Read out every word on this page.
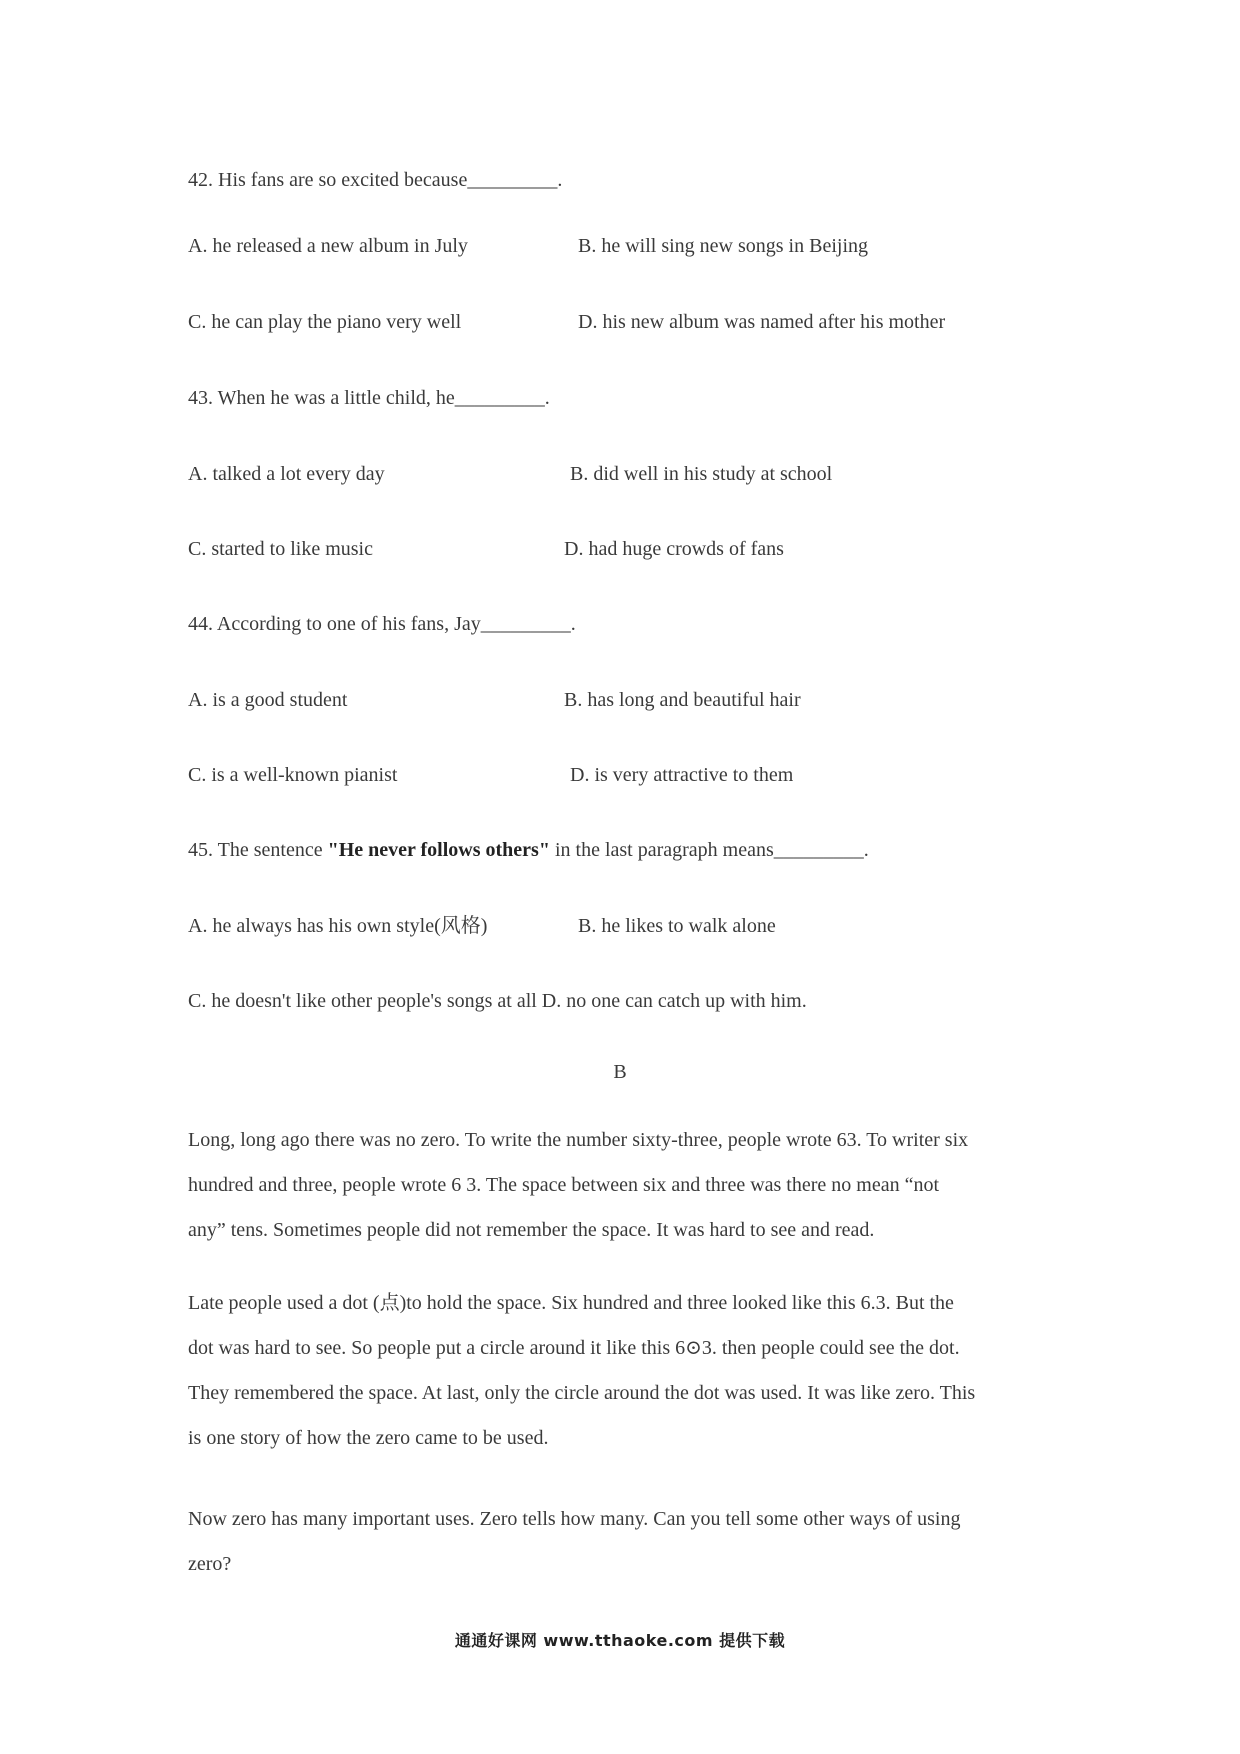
42. His fans are so excited because_________.
A. he released a new album in July	B. he will sing new songs in Beijing
C. he can play the piano very well	D. his new album was named after his mother
43. When he was a little child, he_________.
A. talked a lot every day	B. did well in his study at school
C. started to like music	D. had huge crowds of fans
44. According to one of his fans, Jay_________.
A. is a good student	B. has long and beautiful hair
C. is a well-known pianist	D. is very attractive to them
45. The sentence "He never follows others" in the last paragraph means_________.
A. he always has his own style(风格)	B. he likes to walk alone
C. he doesn't like other people's songs at all D. no one can catch up with him.
B
Long, long ago there was no zero. To write the number sixty-three, people wrote 63. To writer six
hundred and three, people wrote 6 3. The space between six and three was there no mean “not
any” tens. Sometimes people did not remember the space. It was hard to see and read.
Late people used a dot (点)to hold the space. Six hundred and three looked like this 6.3. But the
dot was hard to see. So people put a circle around it like this 6⊙3. then people could see the dot.
They remembered the space. At last, only the circle around the dot was used. It was like zero. This
is one story of how the zero came to be used.
Now zero has many important uses. Zero tells how many. Can you tell some other ways of using
zero?
通通好课网 www.tthaoke.com 提供下载
